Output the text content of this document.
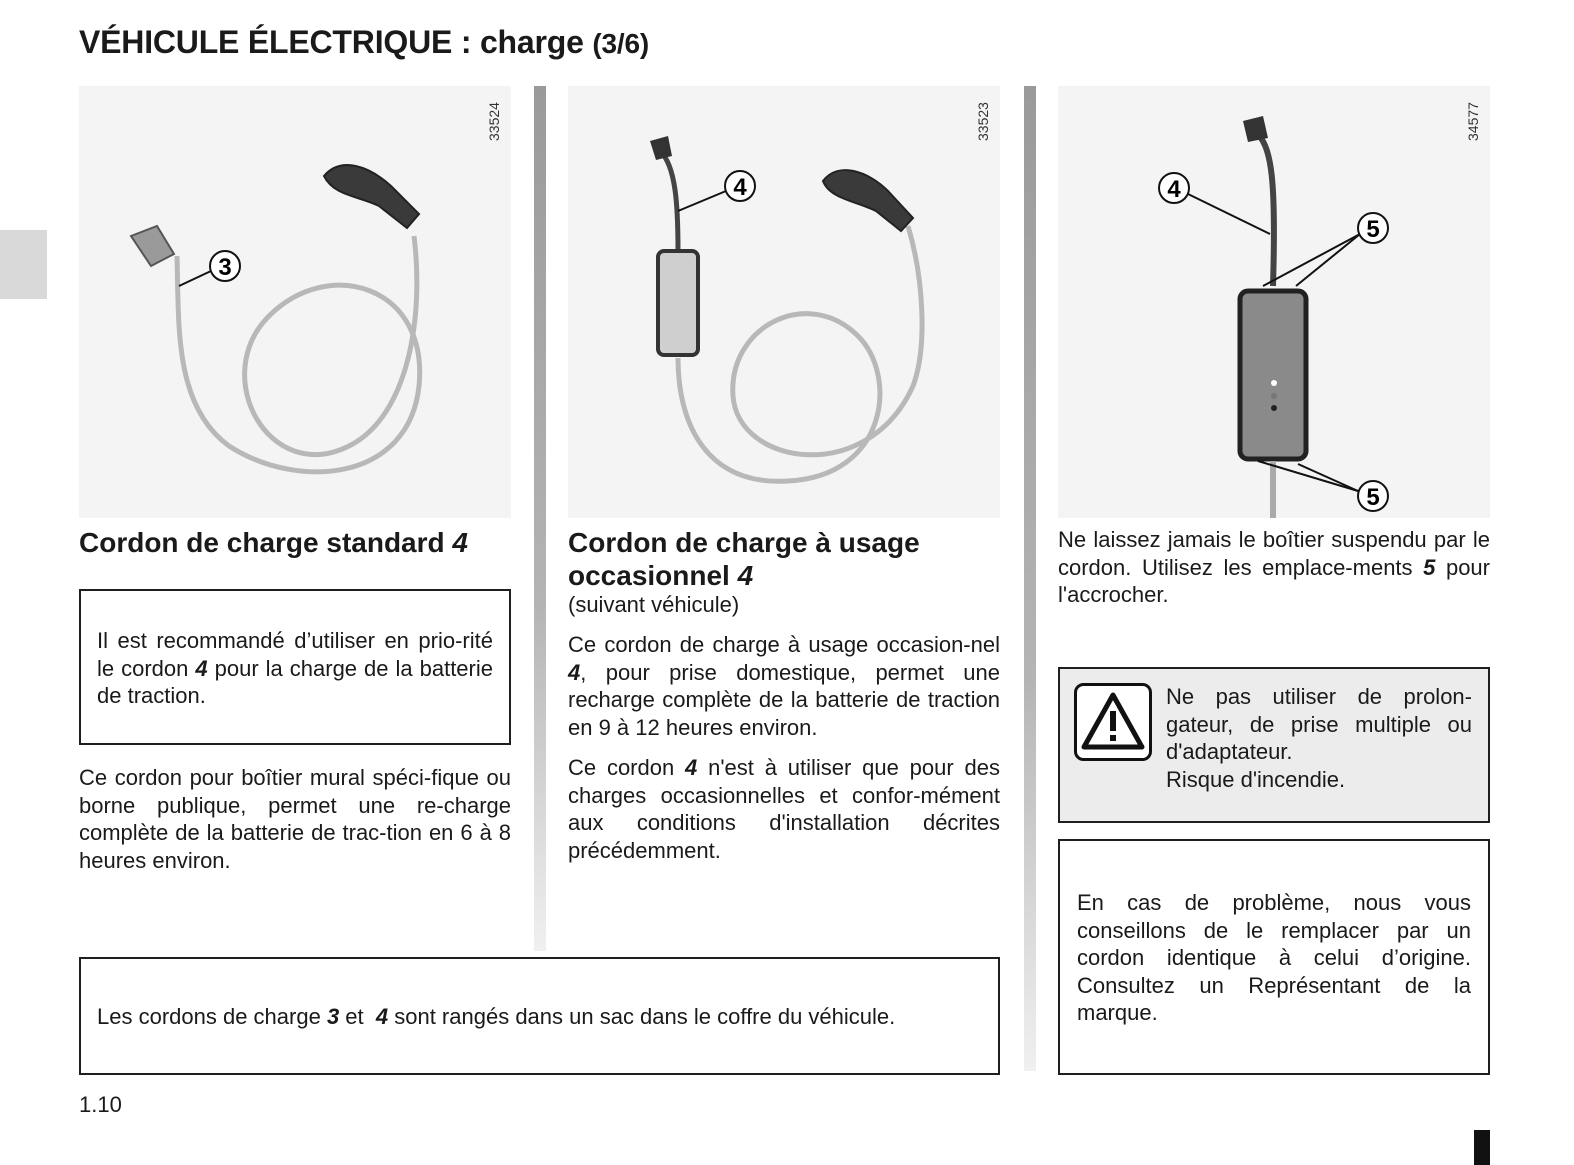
VÉHICULE ÉLECTRIQUE : charge (3/6)
33524
3
33523
4
34577
4
5
5
Cordon de charge standard 4

Il est recommandé d’utiliser en prio-rité le cordon 4 pour la charge de la batterie de traction.

Ce cordon pour boîtier mural spéci-fique ou borne publique, permet une re-charge complète de la batterie de trac-tion en 6 à 8 heures environ.

Cordon de charge à usage occasionnel 4
(suivant véhicule)

Ce cordon de charge à usage occasion-nel 4, pour prise domestique, permet une recharge complète de la batterie de traction en 9 à 12 heures environ.

Ce cordon 4 n'est à utiliser que pour des charges occasionnelles et confor-mément aux conditions d'installation décrites précédemment.

Ne laissez jamais le boîtier suspendu par le cordon. Utilisez les emplace-ments 5 pour l'accrocher.

Ne pas utiliser de prolon-gateur, de prise multiple ou d'adaptateur.

Risque d'incendie.

En cas de problème, nous vous conseillons de le remplacer par un cordon identique à celui d’origine. Consultez un Représentant de la marque.

Les cordons de charge 3 et  4 sont rangés dans un sac dans le coffre du véhicule.

1.10
